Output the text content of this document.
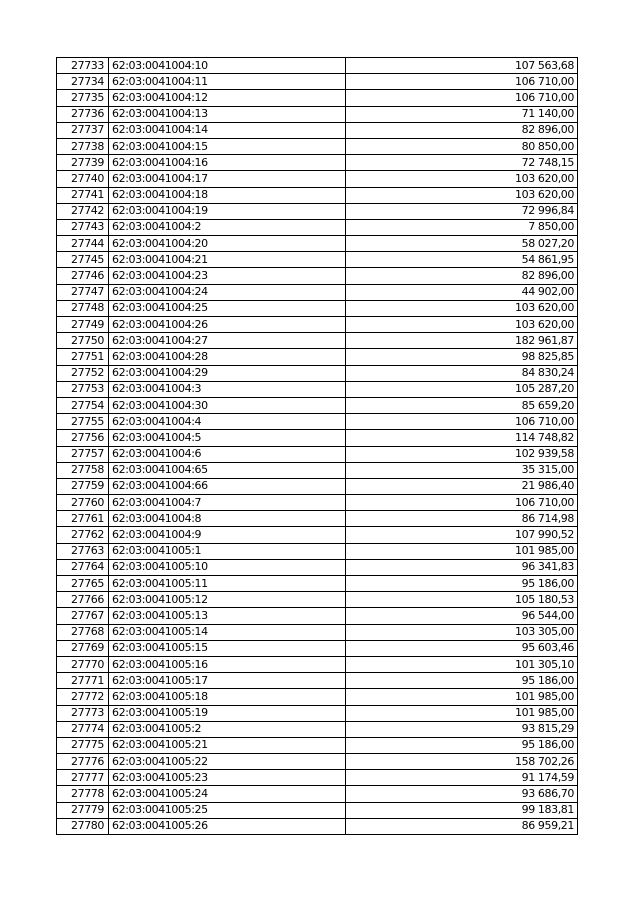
27733	62:03:0041004:10	107 563,68
27734	62:03:0041004:11	106 710,00
27735	62:03:0041004:12	106 710,00
27736	62:03:0041004:13	71 140,00
27737	62:03:0041004:14	82 896,00
27738	62:03:0041004:15	80 850,00
27739	62:03:0041004:16	72 748,15
27740	62:03:0041004:17	103 620,00
27741	62:03:0041004:18	103 620,00
27742	62:03:0041004:19	72 996,84
27743	62:03:0041004:2	7 850,00
27744	62:03:0041004:20	58 027,20
27745	62:03:0041004:21	54 861,95
27746	62:03:0041004:23	82 896,00
27747	62:03:0041004:24	44 902,00
27748	62:03:0041004:25	103 620,00
27749	62:03:0041004:26	103 620,00
27750	62:03:0041004:27	182 961,87
27751	62:03:0041004:28	98 825,85
27752	62:03:0041004:29	84 830,24
27753	62:03:0041004:3	105 287,20
27754	62:03:0041004:30	85 659,20
27755	62:03:0041004:4	106 710,00
27756	62:03:0041004:5	114 748,82
27757	62:03:0041004:6	102 939,58
27758	62:03:0041004:65	35 315,00
27759	62:03:0041004:66	21 986,40
27760	62:03:0041004:7	106 710,00
27761	62:03:0041004:8	86 714,98
27762	62:03:0041004:9	107 990,52
27763	62:03:0041005:1	101 985,00
27764	62:03:0041005:10	96 341,83
27765	62:03:0041005:11	95 186,00
27766	62:03:0041005:12	105 180,53
27767	62:03:0041005:13	96 544,00
27768	62:03:0041005:14	103 305,00
27769	62:03:0041005:15	95 603,46
27770	62:03:0041005:16	101 305,10
27771	62:03:0041005:17	95 186,00
27772	62:03:0041005:18	101 985,00
27773	62:03:0041005:19	101 985,00
27774	62:03:0041005:2	93 815,29
27775	62:03:0041005:21	95 186,00
27776	62:03:0041005:22	158 702,26
27777	62:03:0041005:23	91 174,59
27778	62:03:0041005:24	93 686,70
27779	62:03:0041005:25	99 183,81
27780	62:03:0041005:26	86 959,21
